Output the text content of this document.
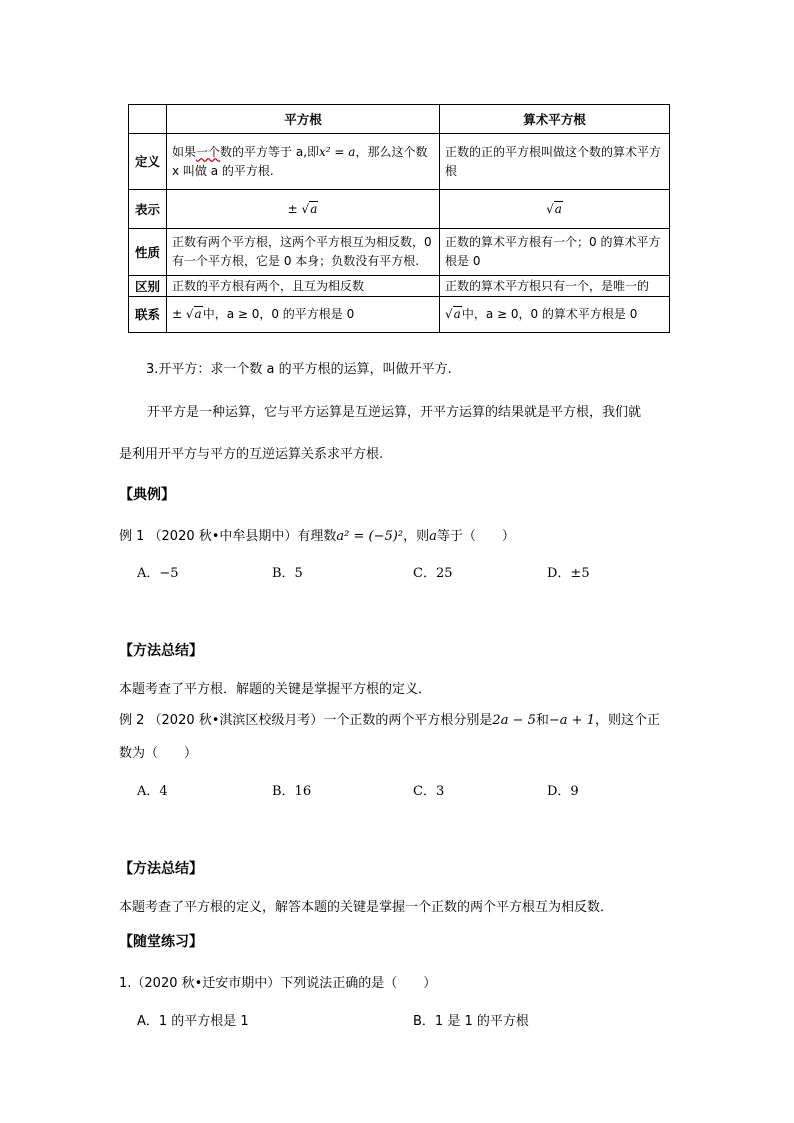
	平方根	算术平方根
定义	如果一个数的平方等于 a,即x² = a，那么这个数 x 叫做 a 的平方根.	正数的正的平方根叫做这个数的算术平方根
表示	± √a	√a
性质	正数有两个平方根，这两个平方根互为相反数，0 有一个平方根，它是 0 本身；负数没有平方根.	正数的算术平方根有一个；0 的算术平方根是 0
区别	正数的平方根有两个，且互为相反数	正数的算术平方根只有一个，是唯一的
联系	± √a中，a ≥ 0，0 的平方根是 0	√a中，a ≥ 0，0 的算术平方根是 0
3.开平方：求一个数 a 的平方根的运算，叫做开平方.
开平方是一种运算，它与平方运算是互逆运算，开平方运算的结果就是平方根，我们就
是利用开平方与平方的互逆运算关系求平方根.
【典例】
例 1 （2020 秋•中牟县期中）有理数a² = (−5)²，则a等于（　　）
A．−5	B．5	C．25	D．±5
【方法总结】
本题考查了平方根．解题的关键是掌握平方根的定义．
例 2 （2020 秋•淇滨区校级月考）一个正数的两个平方根分别是2a − 5和−a + 1，则这个正
数为（　　）
A．4	B．16	C．3	D．9
【方法总结】
本题考查了平方根的定义，解答本题的关键是掌握一个正数的两个平方根互为相反数．
【随堂练习】
1.（2020 秋•迁安市期中）下列说法正确的是（　　）
A．1 的平方根是 1	B．1 是 1 的平方根
